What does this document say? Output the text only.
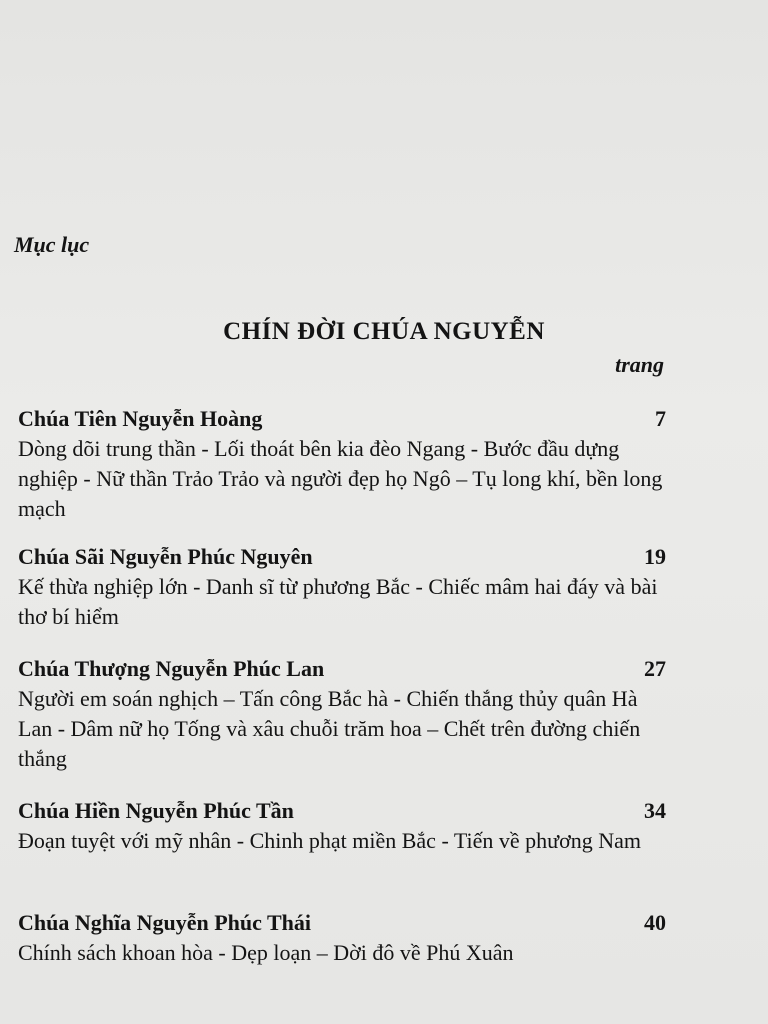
Mục lục
CHÍN ĐỜI CHÚA NGUYỄN
trang
Chúa Tiên Nguyễn Hoàng	7
Dòng dõi trung thần - Lối thoát bên kia đèo Ngang - Bước đầu dựng nghiệp - Nữ thần Trảo Trảo và người đẹp họ Ngô – Tụ long khí, bền long mạch
Chúa Sãi Nguyễn Phúc Nguyên	19
Kế thừa nghiệp lớn - Danh sĩ từ phương Bắc - Chiếc mâm hai đáy và bài thơ bí hiểm
Chúa Thượng Nguyễn Phúc Lan	27
Người em soán nghịch – Tấn công Bắc hà - Chiến thắng thủy quân Hà Lan - Dâm nữ họ Tống và xâu chuỗi trăm hoa – Chết trên đường chiến thắng
Chúa Hiền Nguyễn Phúc Tần	34
Đoạn tuyệt với mỹ nhân - Chinh phạt miền Bắc - Tiến về phương Nam
Chúa Nghĩa Nguyễn Phúc Thái	40
Chính sách khoan hòa - Dẹp loạn – Dời đô về Phú Xuân
